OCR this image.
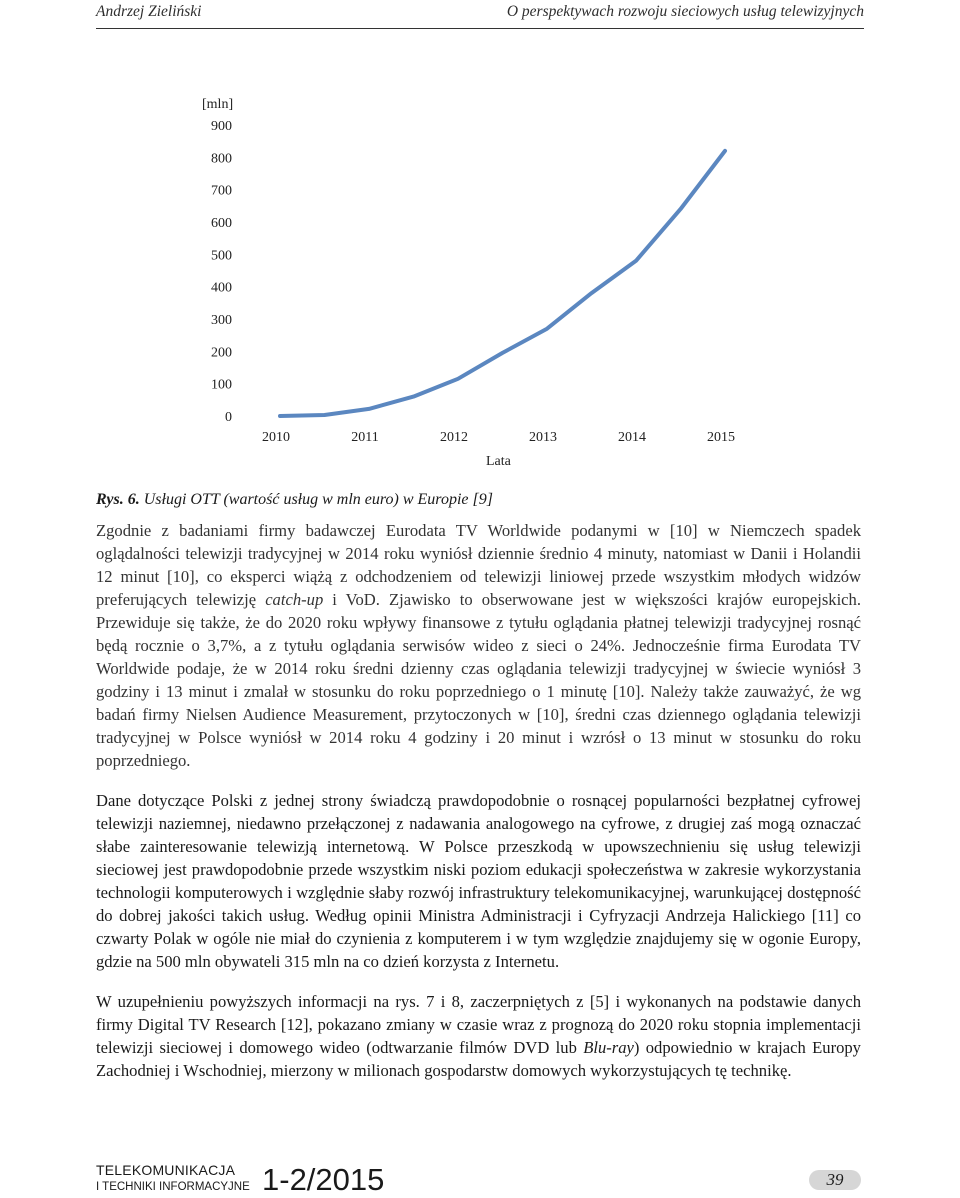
Andrzej Zieliński	O perspektywach rozwoju sieciowych usług telewizyjnych
[mln]
0
100
200
300
400
500
600
700
800
900
2010	2011	2012	2013	2014	2015
Lata
Rys. 6. Usługi OTT (wartość usług w mln euro) w Europie [9]

Zgodnie z badaniami firmy badawczej Eurodata TV Worldwide podanymi w [10] w Niemczech spadek oglądalności telewizji tradycyjnej w 2014 roku wyniósł dziennie średnio 4 minuty, natomiast w Danii i Holandii 12 minut [10], co eksperci wiążą z odchodzeniem od telewizji liniowej przede wszystkim młodych widzów preferujących telewizję catch-up i VoD. Zjawisko to obserwowane jest w większości krajów europejskich. Przewiduje się także, że do 2020 roku wpływy finansowe z tytułu oglądania płatnej telewizji tradycyjnej rosnąć będą rocznie o 3,7%, a z tytułu oglądania serwisów wideo z sieci o 24%. Jednocześnie firma Eurodata TV Worldwide podaje, że w 2014 roku średni dzienny czas oglądania telewizji tradycyjnej w świecie wyniósł 3 godziny i 13 minut i zmalał w stosunku do roku poprzedniego o 1 minutę [10]. Należy także zauważyć, że wg badań firmy Nielsen Audience Measurement, przytoczonych w [10], średni czas dziennego oglądania telewizji tradycyjnej w Polsce wyniósł w 2014 roku 4 godziny i 20 minut i wzrósł o 13 minut w stosunku do roku poprzedniego.

Dane dotyczące Polski z jednej strony świadczą prawdopodobnie o rosnącej popularności bezpłatnej cyfrowej telewizji naziemnej, niedawno przełączonej z nadawania analogowego na cyfrowe, z drugiej zaś mogą oznaczać słabe zainteresowanie telewizją internetową. W Polsce przeszkodą w upowszechnieniu się usług telewizji sieciowej jest prawdopodobnie przede wszystkim niski poziom edukacji społeczeństwa w zakresie wykorzystania technologii komputerowych i względnie słaby rozwój infrastruktury telekomunikacyjnej, warunkującej dostępność do dobrej jakości takich usług. Według opinii Ministra Administracji i Cyfryzacji Andrzeja Halickiego [11] co czwarty Polak w ogóle nie miał do czynienia z komputerem i w tym względzie znajdujemy się w ogonie Europy, gdzie na 500 mln obywateli 315 mln na co dzień korzysta z Internetu.

W uzupełnieniu powyższych informacji na rys. 7 i 8, zaczerpniętych z [5] i wykonanych na podstawie danych firmy Digital TV Research [12], pokazano zmiany w czasie wraz z prognozą do 2020 roku stopnia implementacji telewizji sieciowej i domowego wideo (odtwarzanie filmów DVD lub Blu-ray) odpowiednio w krajach Europy Zachodniej i Wschodniej, mierzony w milionach gospodarstw domowych wykorzystujących tę technikę.

TELEKOMUNIKACJA
I TECHNIKI INFORMACYJNE 1-2/2015	39
